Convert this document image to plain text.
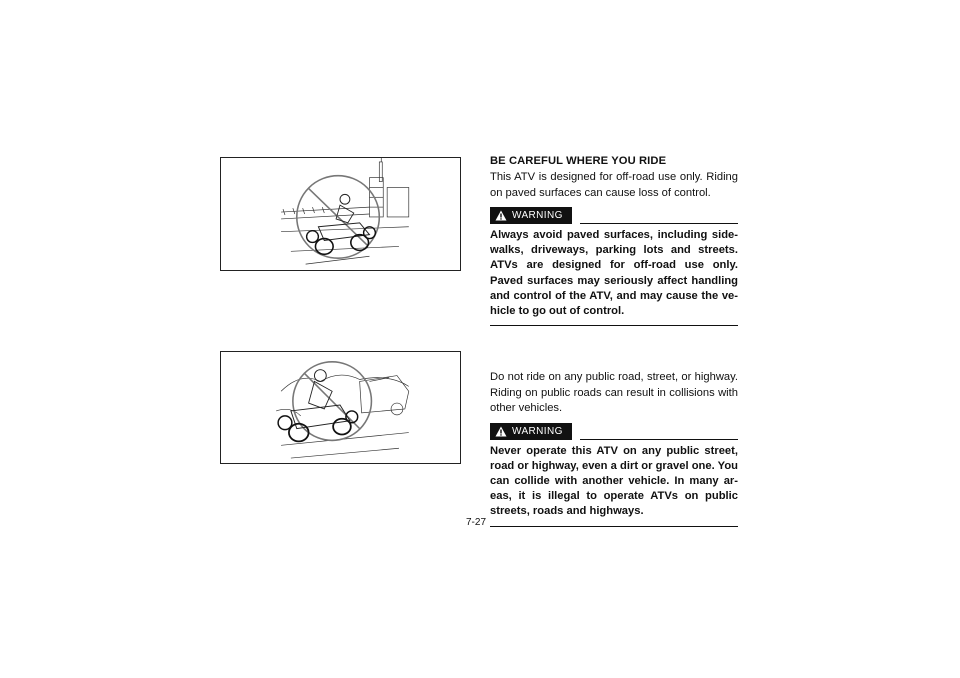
BE CAREFUL WHERE YOU RIDE

This ATV is designed for off-road use only. Riding on paved surfaces can cause loss of control.

WARNING

Always avoid paved surfaces, including side-walks, driveways, parking lots and streets. ATVs are designed for off-road use only. Paved surfaces may seriously affect handling and control of the ATV, and may cause the ve-hicle to go out of control.

Do not ride on any public road, street, or highway. Riding on public roads can result in collisions with other vehicles.

WARNING

Never operate this ATV on any public street, road or highway, even a dirt or gravel one. You can collide with another vehicle. In many ar-eas, it is illegal to operate ATVs on public streets, roads and highways.

7-27
